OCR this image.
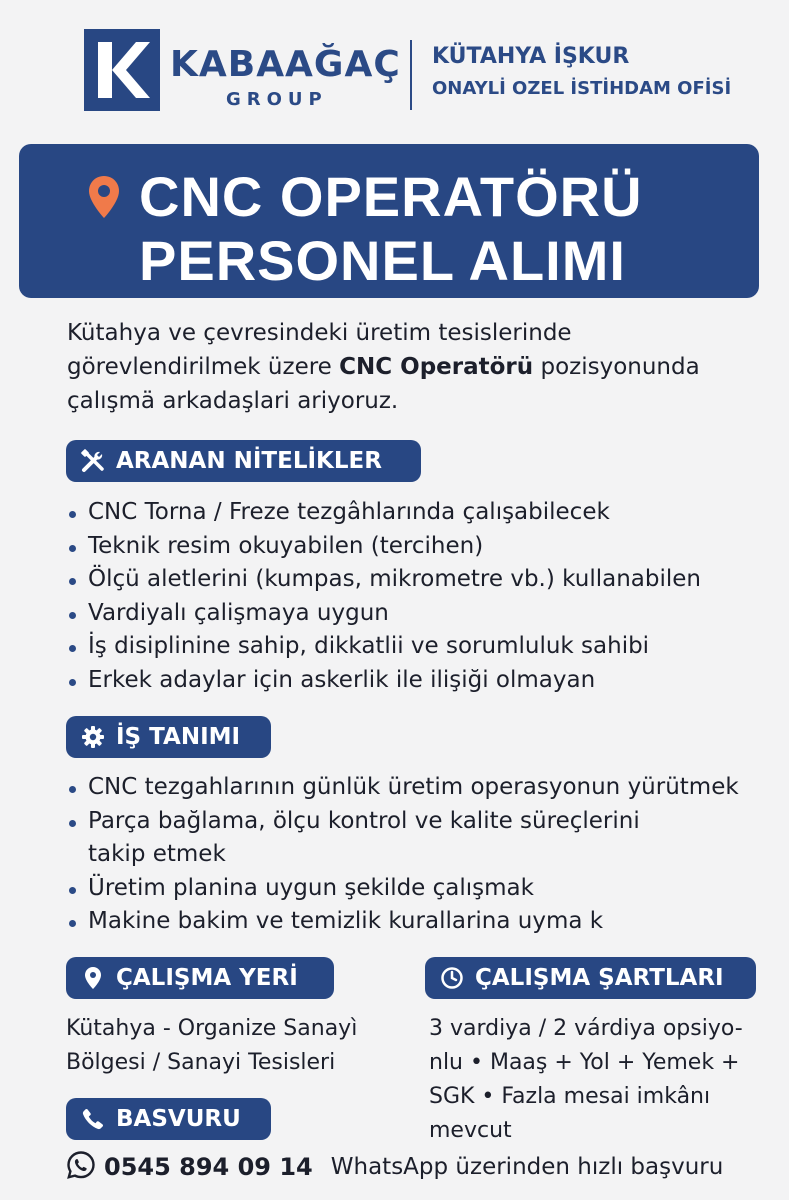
KABAAĞAÇ
GROUP
KÜTAHYA İŞKUR
ONAYLİ OZEL İSTİHDAM OFİSİ
CNC OPERATÖRÜ
PERSONEL ALIMI
Kütahya ve çevresindeki üretim tesislerinde görevlendirilmek üzere CNC Operatörü pozisyonunda çalışmä arkadaşlari ariyoruz.
ARANAN NİTELİKLER
CNC Torna / Freze tezgâhlarında çalışabilecek
Teknik resim okuyabilen (tercihen)
Ölçü aletlerini (kumpas, mikrometre vb.) kullanabilen
Vardiyalı çalişmaya uygun
İş disiplinine sahip, dikkatlii ve sorumluluk sahibi
Erkek adaylar için askerlik ile ilişiği olmayan
İŞ TANIMI
CNC tezgahlarının günlük üretim operasyonun yürütmek
Parça bağlama, ölçu kontrol ve kalite süreçlerini takip etmek
Üretim planina uygun şekilde çalışmak
Makine bakim ve temizlik kurallarina uyma k
ÇALIŞMA YERİ
Kütahya - Organize Sanayì Bölgesi / Sanayi Tesisleri
ÇALIŞMA ŞARTLARI
3 vardiya / 2 várdiya opsiyo-nlu • Maaş + Yol + Yemek + SGK • Fazla mesai imkânı mevcut
BASVURU
0545 894 09 14 WhatsApp üzerinden hızlı başvuru
